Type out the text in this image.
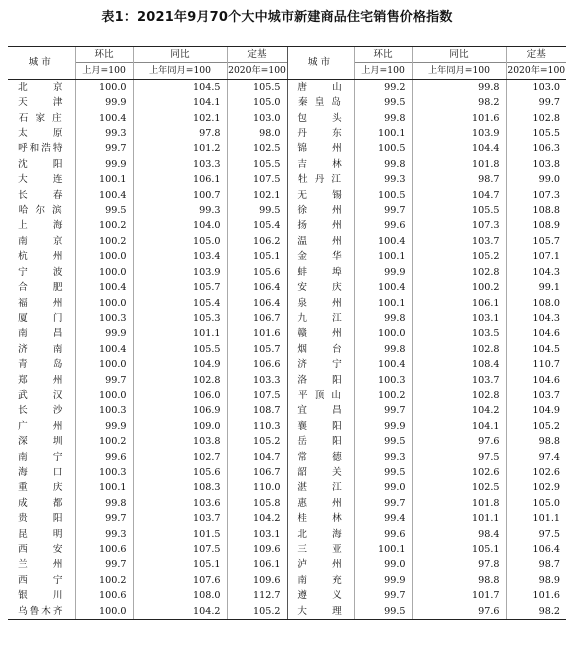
表1：2021年9月70个大中城市新建商品住宅销售价格指数
城市	环比	同比	定基	城市	环比	同比	定基
	上月=100	上年同月=100	2020年=100		上月=100	上年同月=100	2020年=100
北　　京	100.0	104.5	105.5	唐　　山	99.2	99.8	103.0
天　　津	99.9	104.1	105.0	秦 皇 岛	99.5	98.2	99.7
石 家 庄	100.4	102.1	103.0	包　　头	99.8	101.6	102.8
太　　原	99.3	97.8	98.0	丹　　东	100.1	103.9	105.5
呼和浩特	99.7	101.2	102.5	锦　　州	100.5	104.4	106.3
沈　　阳	99.9	103.3	105.5	吉　　林	99.8	101.8	103.8
大　　连	100.1	106.1	107.5	牡 丹 江	99.3	98.7	99.0
长　　春	100.4	100.7	102.1	无　　锡	100.5	104.7	107.3
哈 尔 滨	99.5	99.3	99.5	徐　　州	99.7	105.5	108.8
上　　海	100.2	104.0	105.4	扬　　州	99.6	107.3	108.9
南　　京	100.2	105.0	106.2	温　　州	100.4	103.7	105.7
杭　　州	100.0	103.4	105.1	金　　华	100.1	105.2	107.1
宁　　波	100.0	103.9	105.6	蚌　　埠	99.9	102.8	104.3
合　　肥	100.4	105.7	106.4	安　　庆	100.4	100.2	99.1
福　　州	100.0	105.4	106.4	泉　　州	100.1	106.1	108.0
厦　　门	100.3	105.3	106.7	九　　江	99.8	103.1	104.3
南　　昌	99.9	101.1	101.6	赣　　州	100.0	103.5	104.6
济　　南	100.4	105.5	105.7	烟　　台	99.8	102.8	104.5
青　　岛	100.0	104.9	106.6	济　　宁	100.4	108.4	110.7
郑　　州	99.7	102.8	103.3	洛　　阳	100.3	103.7	104.6
武　　汉	100.0	106.0	107.5	平 顶 山	100.2	102.8	103.7
长　　沙	100.3	106.9	108.7	宜　　昌	99.7	104.2	104.9
广　　州	99.9	109.0	110.3	襄　　阳	99.9	104.1	105.2
深　　圳	100.2	103.8	105.2	岳　　阳	99.5	97.6	98.8
南　　宁	99.6	102.7	104.7	常　　德	99.3	97.5	97.4
海　　口	100.3	105.6	106.7	韶　　关	99.5	102.6	102.6
重　　庆	100.1	108.3	110.0	湛　　江	99.0	102.5	102.9
成　　都	99.8	103.6	105.8	惠　　州	99.7	101.8	105.0
贵　　阳	99.7	103.7	104.2	桂　　林	99.4	101.1	101.1
昆　　明	99.3	101.5	103.1	北　　海	99.6	98.4	97.5
西　　安	100.6	107.5	109.6	三　　亚	100.1	105.1	106.4
兰　　州	99.7	105.1	106.1	泸　　州	99.0	97.8	98.7
西　　宁	100.2	107.6	109.6	南　　充	99.9	98.8	98.9
银　　川	100.6	108.0	112.7	遵　　义	99.7	101.7	101.6
乌鲁木齐	100.0	104.2	105.2	大　　理	99.5	97.6	98.2
